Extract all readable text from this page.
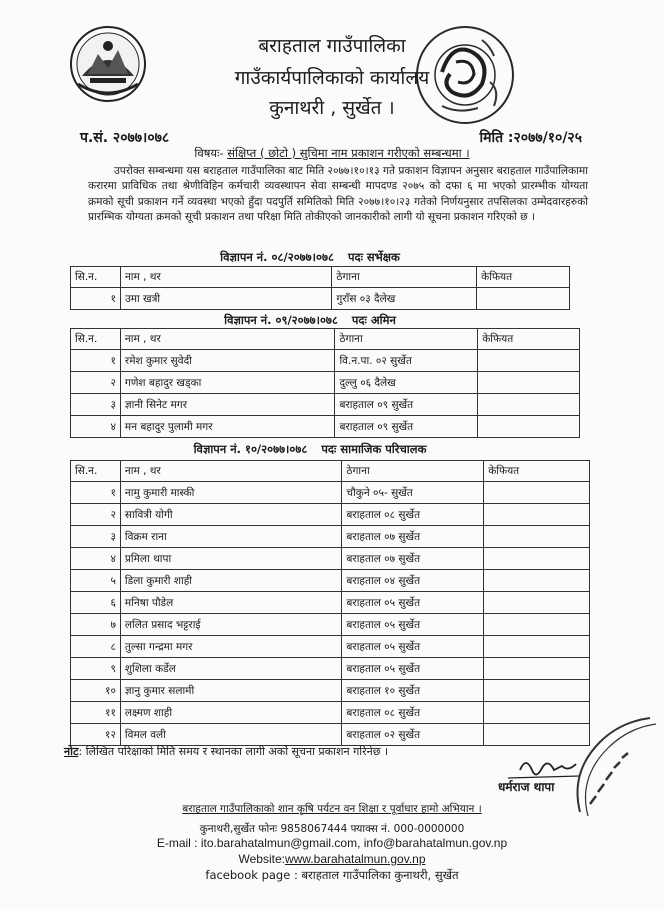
बराहताल गाउँपालिका
गाउँकार्यपालिकाको कार्यालय
कुनाथरी , सुर्खेत ।
प.सं. २०७७।०७८	मिति :२०७७/१०/२५
विषयः- संक्षिप्त ( छोटो ) सुचिमा नाम प्रकाशन गरीएको सम्बन्धमा ।
उपरोक्त सम्बन्धमा यस बराहताल गाउँपालिका बाट मिति २०७७।१०।१३ गते प्रकाशन विज्ञापन अनुसार बराहताल गाउँपालिकामा करारमा प्राविधिक तथा श्रेणीविहिन कर्मचारी व्यवस्थापन सेवा सम्बन्धी मापदण्ड २०७५ को दफा ६ मा भएको प्रारम्भीक योग्यता क्रमको सूची प्रकाशन गर्ने व्यवस्था भएको हुँदा पदपुर्ति समितिको मिति २०७७।१०।२३ गतेको निर्णयनुसार तपसिलका उम्मेदवारहरुको प्रारम्भिक योग्यता क्रमको सूची प्रकाशन तथा परिक्षा मिति तोकीएको जानकारीको लागी यो सूचना प्रकाशन गरिएको छ ।
विज्ञापन नं. ०८/२०७७।०७८ पदः सर्भेक्षक
सि.न.	नाम , थर	ठेगाना	केफियत
१	उमा खत्री	गुराँस ०३ दैलेख	
विज्ञापन नं. ०९/२०७७।०७८ पदः अमिन
सि.न.	नाम , थर	ठेगाना	केफियत
१	रमेश कुमार सुवेदी	वि.न.पा. ०२ सुर्खेत	
२	गणेश बहादुर खड्का	दुल्लु ०६ दैलेख	
३	ज्ञानी सिनेट मगर	बराहताल ०९ सुर्खेत	
४	मन बहादुर पुलामी मगर	बराहताल ०९ सुर्खेत	
विज्ञापन नं. १०/२०७७।०७८ पदः सामाजिक परिचालक
सि.न.	नाम , थर	ठेगाना	केफियत
१	नामु कुमारी मास्की	चौकुने ०५- सुर्खेत	
२	सावित्री योगी	बराहताल ०८ सुर्खेत	
३	विक्रम राना	बराहताल ०७ सुर्खेत	
४	प्रमिला थापा	बराहताल ०७ सुर्खेत	
५	डिला कुमारी शाही	बराहताल ०४ सुर्खेत	
६	मनिषा पौडेल	बराहताल ०५ सुर्खेत	
७	ललित प्रसाद भट्टराई	बराहताल ०५ सुर्खेत	
८	तुल्सा गन्द्रमा मगर	बराहताल ०५ सुर्खेत	
९	शुशिला कर्डेल	बराहताल ०५ सुर्खेत	
१०	ज्ञानु कुमार सलामी	बराहताल १० सुर्खेत	
११	लक्ष्मण शाही	बराहताल ०८ सुर्खेत	
१२	विमल वली	बराहताल ०२ सुर्खेत	
नोट: लिखित परिक्षाको मिति समय र स्थानका लागी अर्को सूचना प्रकाशन गरिनेछ ।
धर्मराज थापा
बराहताल गाउँपालिकाको शान कृषि पर्यटन वन शिक्षा र पूर्वाधार हामो अभियान ।
कुनाथरी,सुर्खेत फोनः 9858067444 फ्याक्स नं. 000-0000000
E-mail : ito.barahatalmun@gmail.com, info@barahatalmun.gov.np
Website:www.barahatalmun.gov.np
facebook page : बराहताल गाउँपालिका कुनाथरी, सुर्खेत
